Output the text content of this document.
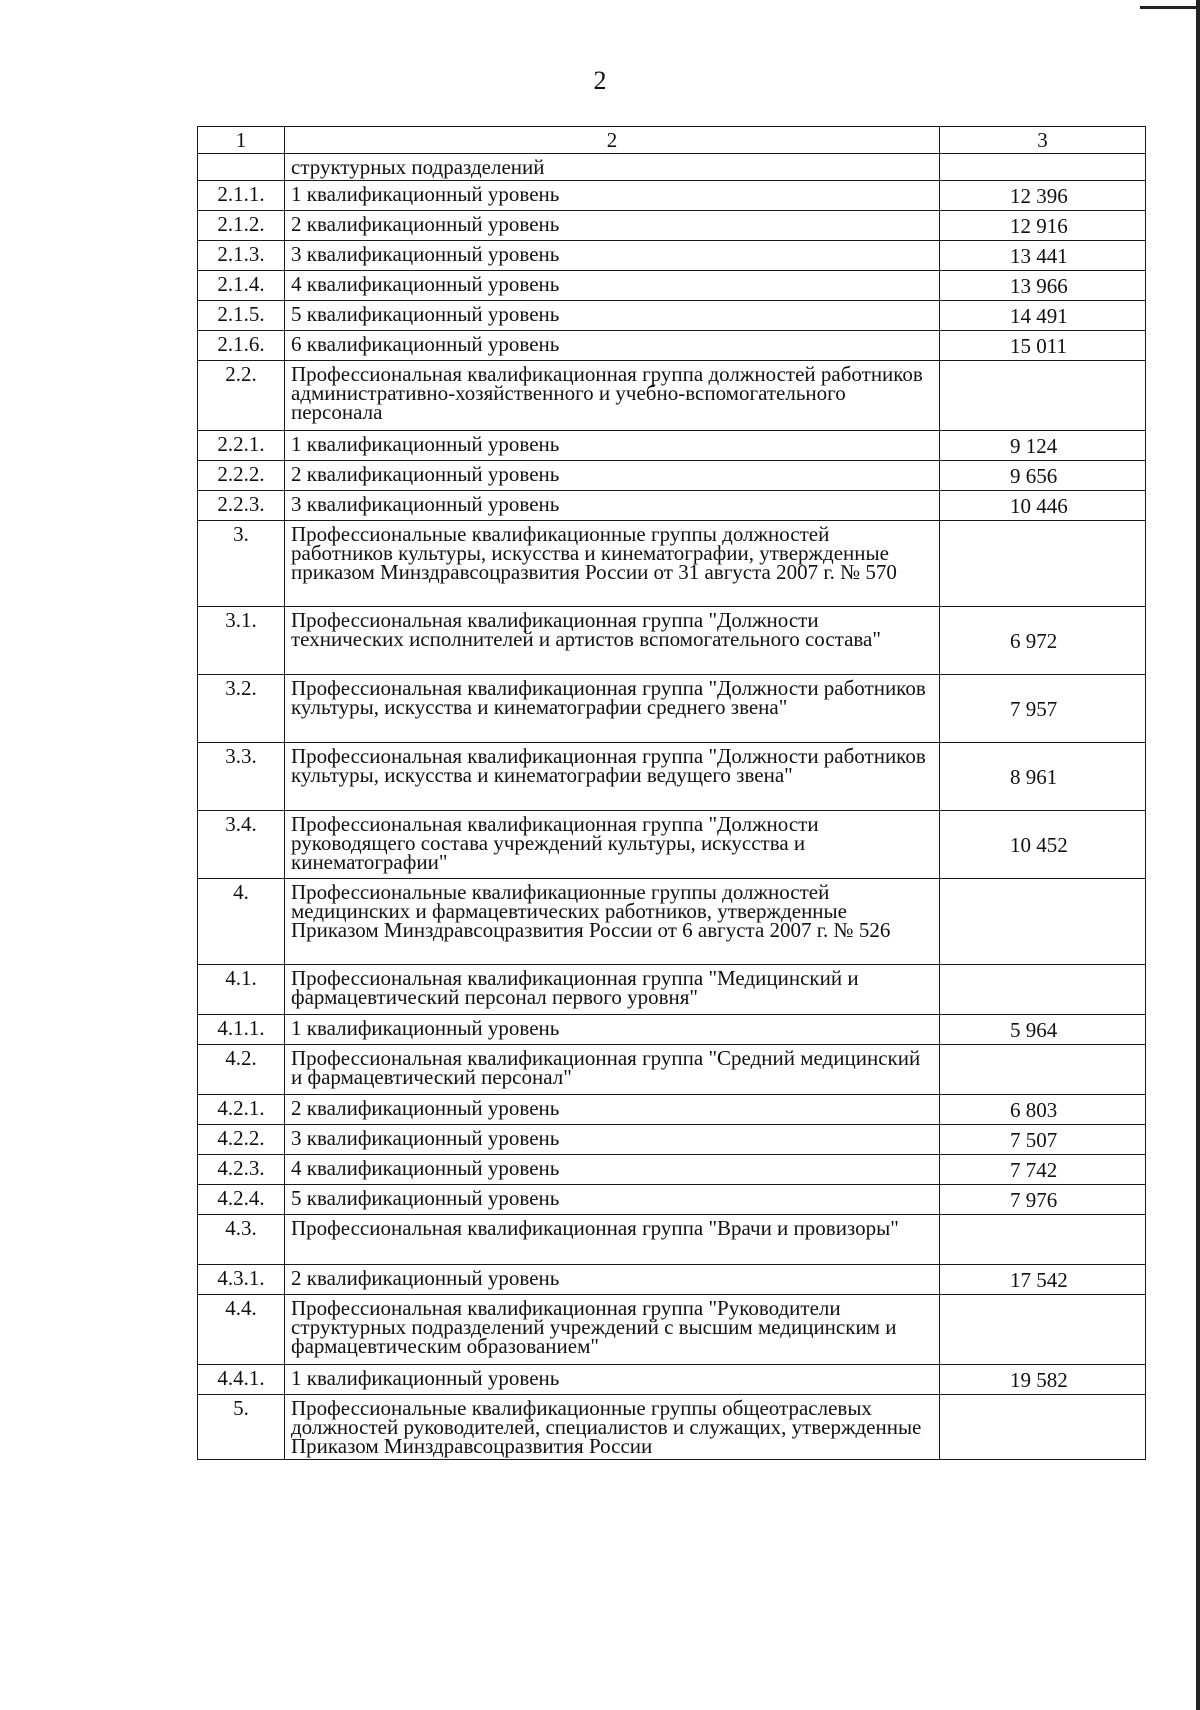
2
1	2	3
	структурных подразделений	
2.1.1.	1 квалификационный уровень	12 396
2.1.2.	2 квалификационный уровень	12 916
2.1.3.	3 квалификационный уровень	13 441
2.1.4.	4 квалификационный уровень	13 966
2.1.5.	5 квалификационный уровень	14 491
2.1.6.	6 квалификационный уровень	15 011
2.2.	Профессиональная квалификационная группа должностей работников административно-хозяйственного и учебно-вспомогательного персонала	
2.2.1.	1 квалификационный уровень	9 124
2.2.2.	2 квалификационный уровень	9 656
2.2.3.	3 квалификационный уровень	10 446
3.	Профессиональные квалификационные группы должностей работников культуры, искусства и кинематографии, утвержденные приказом Минздравсоцразвития России от 31 августа 2007 г. № 570	
3.1.	Профессиональная квалификационная группа "Должности технических исполнителей и артистов вспомогательного состава"	6 972
3.2.	Профессиональная квалификационная группа "Должности работников культуры, искусства и кинематографии среднего звена"	7 957
3.3.	Профессиональная квалификационная группа "Должности работников культуры, искусства и кинематографии ведущего звена"	8 961
3.4.	Профессиональная квалификационная группа "Должности руководящего состава учреждений культуры, искусства и кинематографии"	10 452
4.	Профессиональные квалификационные группы должностей медицинских и фармацевтических работников, утвержденные Приказом Минздравсоцразвития России от 6 августа 2007 г. № 526	
4.1.	Профессиональная квалификационная группа "Медицинский и фармацевтический персонал первого уровня"	
4.1.1.	1 квалификационный уровень	5 964
4.2.	Профессиональная квалификационная группа "Средний медицинский и фармацевтический персонал"	
4.2.1.	2 квалификационный уровень	6 803
4.2.2.	3 квалификационный уровень	7 507
4.2.3.	4 квалификационный уровень	7 742
4.2.4.	5 квалификационный уровень	7 976
4.3.	Профессиональная квалификационная группа "Врачи и провизоры"	
4.3.1.	2 квалификационный уровень	17 542
4.4.	Профессиональная квалификационная группа "Руководители структурных подразделений учреждений с высшим медицинским и фармацевтическим образованием"	
4.4.1.	1 квалификационный уровень	19 582
5.	Профессиональные квалификационные группы общеотраслевых должностей руководителей, специалистов и служащих, утвержденные Приказом Минздравсоцразвития России	
